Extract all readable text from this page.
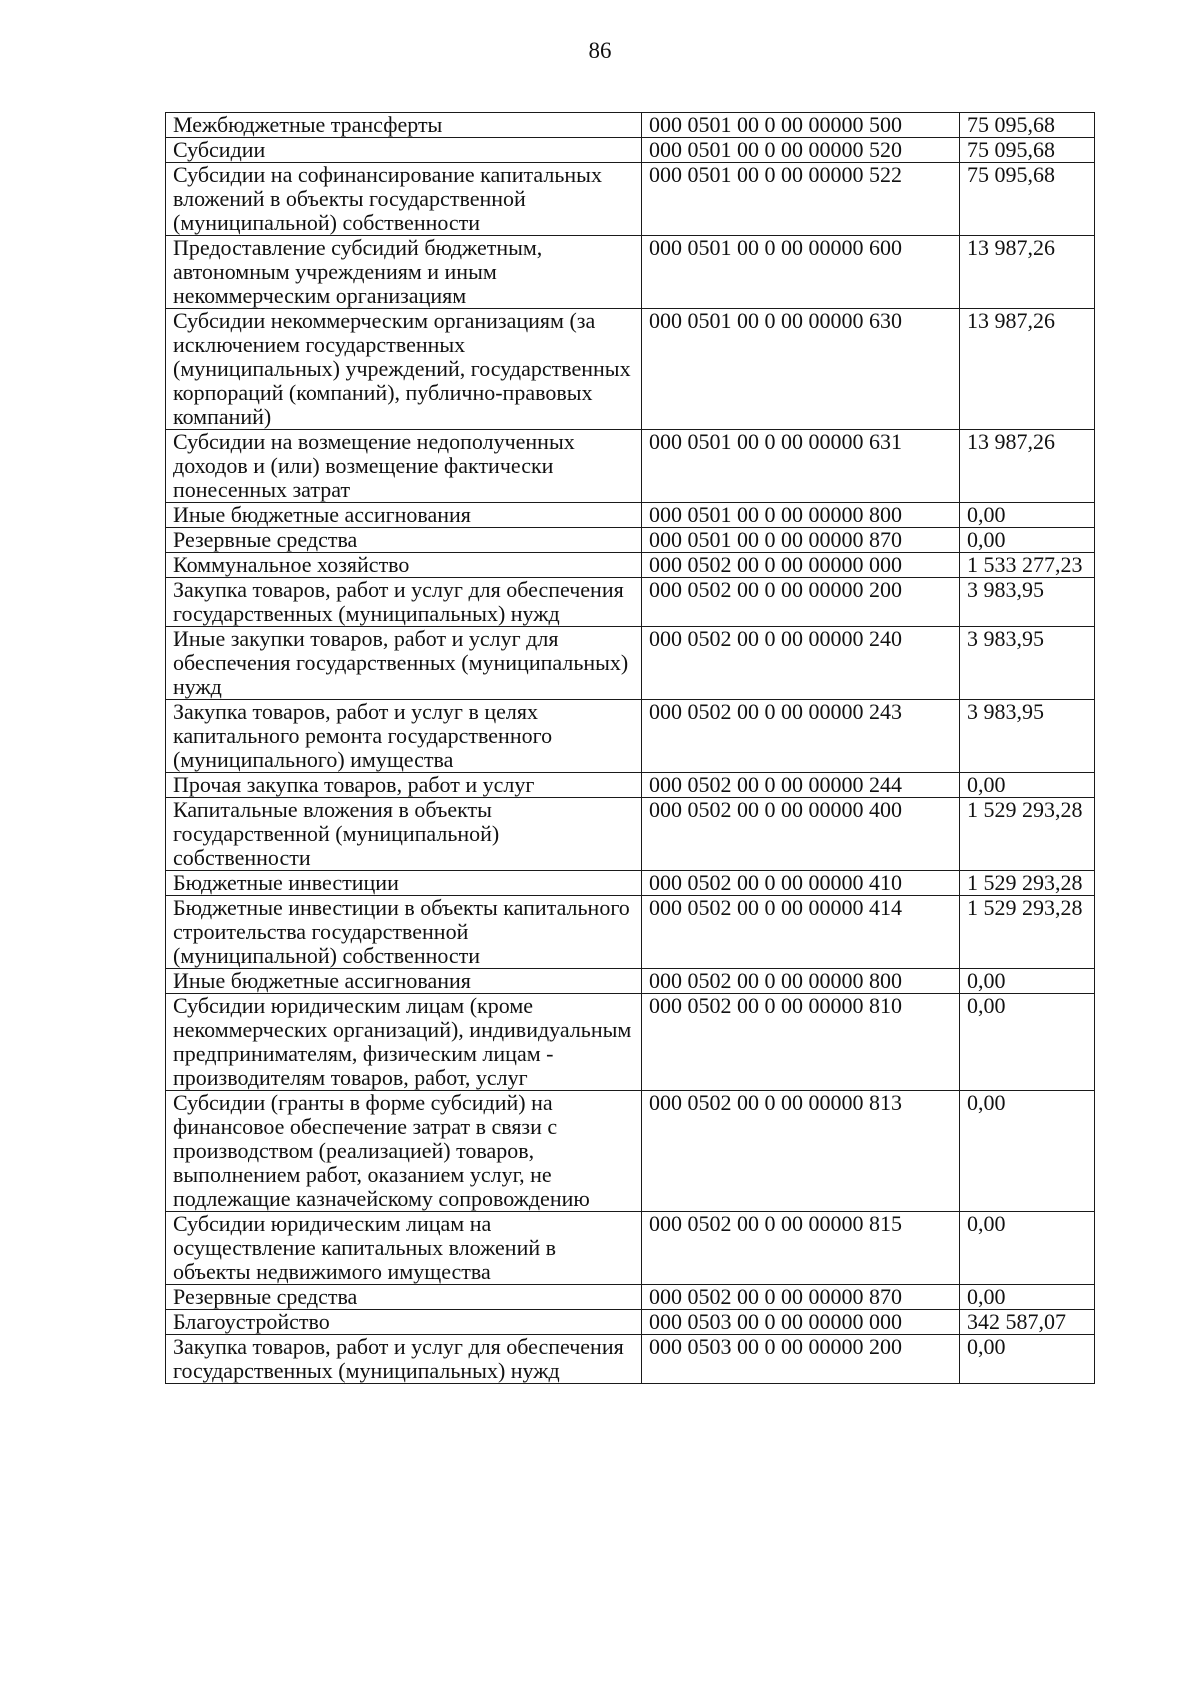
86
Межбюджетные трансферты	000 0501 00 0 00 00000 500	75 095,68
Субсидии	000 0501 00 0 00 00000 520	75 095,68
Субсидии на софинансирование капитальных вложений в объекты государственной (муниципальной) собственности	000 0501 00 0 00 00000 522	75 095,68
Предоставление субсидий бюджетным, автономным учреждениям и иным некоммерческим организациям	000 0501 00 0 00 00000 600	13 987,26
Субсидии некоммерческим организациям (за исключением государственных (муниципальных) учреждений, государственных корпораций (компаний), публично-правовых компаний)	000 0501 00 0 00 00000 630	13 987,26
Субсидии на возмещение недополученных доходов и (или) возмещение фактически понесенных затрат	000 0501 00 0 00 00000 631	13 987,26
Иные бюджетные ассигнования	000 0501 00 0 00 00000 800	0,00
Резервные средства	000 0501 00 0 00 00000 870	0,00
Коммунальное хозяйство	000 0502 00 0 00 00000 000	1 533 277,23
Закупка товаров, работ и услуг для обеспечения государственных (муниципальных) нужд	000 0502 00 0 00 00000 200	3 983,95
Иные закупки товаров, работ и услуг для обеспечения государственных (муниципальных) нужд	000 0502 00 0 00 00000 240	3 983,95
Закупка товаров, работ и услуг в целях капитального ремонта государственного (муниципального) имущества	000 0502 00 0 00 00000 243	3 983,95
Прочая закупка товаров, работ и услуг	000 0502 00 0 00 00000 244	0,00
Капитальные вложения в объекты государственной (муниципальной) собственности	000 0502 00 0 00 00000 400	1 529 293,28
Бюджетные инвестиции	000 0502 00 0 00 00000 410	1 529 293,28
Бюджетные инвестиции в объекты капитального строительства государственной (муниципальной) собственности	000 0502 00 0 00 00000 414	1 529 293,28
Иные бюджетные ассигнования	000 0502 00 0 00 00000 800	0,00
Субсидии юридическим лицам (кроме некоммерческих организаций), индивидуальным предпринимателям, физическим лицам - производителям товаров, работ, услуг	000 0502 00 0 00 00000 810	0,00
Субсидии (гранты в форме субсидий) на финансовое обеспечение затрат в связи с производством (реализацией) товаров, выполнением работ, оказанием услуг, не подлежащие казначейскому сопровождению	000 0502 00 0 00 00000 813	0,00
Субсидии юридическим лицам на осуществление капитальных вложений в объекты недвижимого имущества	000 0502 00 0 00 00000 815	0,00
Резервные средства	000 0502 00 0 00 00000 870	0,00
Благоустройство	000 0503 00 0 00 00000 000	342 587,07
Закупка товаров, работ и услуг для обеспечения государственных (муниципальных) нужд	000 0503 00 0 00 00000 200	0,00
